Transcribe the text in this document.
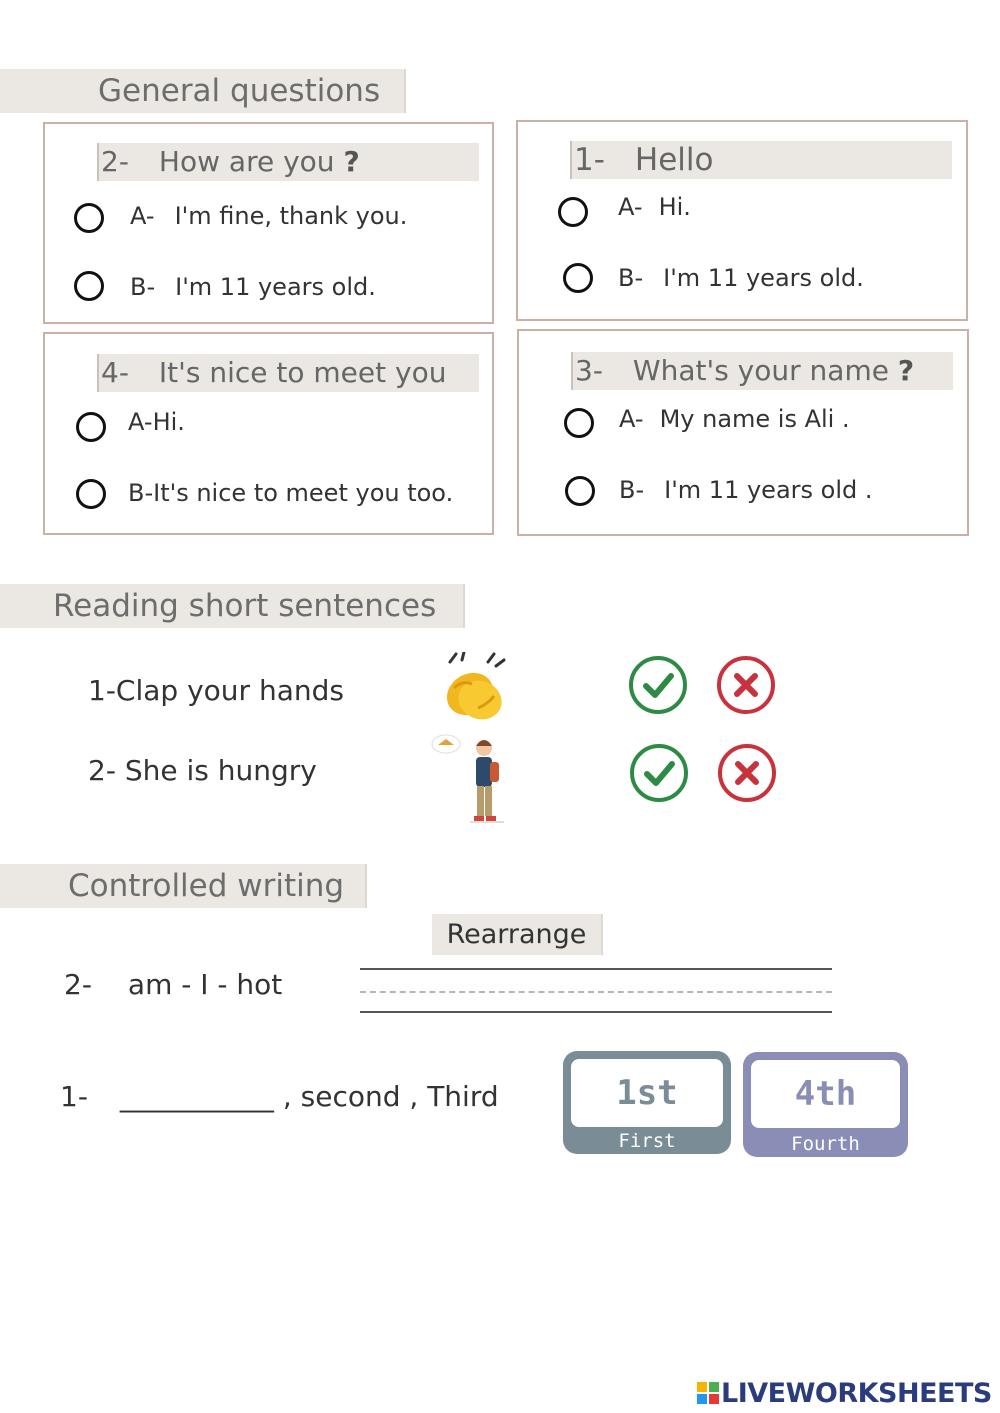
General questions
2- How are you ?
A- I'm fine, thank you.
B- I'm 11 years old.
1- Hello
A- Hi.
B- I'm 11 years old.
4- It's nice to meet you
A-Hi.
B-It's nice to meet you too.
3- What's your name ?
A- My name is Ali .
B- I'm 11 years old .
Reading short sentences
1-Clap your hands
2- She is hungry
Controlled writing
Rearrange
2- am - I - hot
1- ___________ , second , Third	1st
First
4th
Fourth
LIVEWORKSHEETS
